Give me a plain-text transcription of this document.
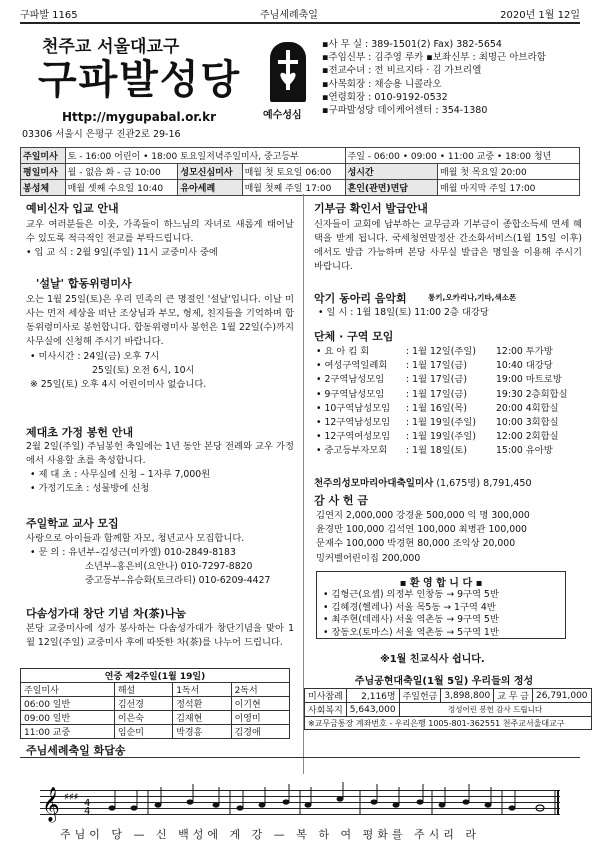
구파발 1165	주님세례축일	2020년 1월 12일
천주교 서울대교구
구파발성당
Http://mygupabal.or.kr
03306 서울시 은평구 진관2로 29-16
예수성심
▪사 무 실 : 389-1501(2) Fax) 382-5654
▪주임신부 : 김주영 루카 ▪보좌신부 : 최명근 아브라함
▪전교수녀 : 전 비르지타 · 김 가브리엘
▪사목회장 : 채승용 니콜라오
▪연령회장 : 010-9192-0532
▪구파발성당 데이케어센터 : 354-1380
주일미사	토 - 16:00 어린이 • 18:00 토요일저녁주일미사, 중고등부			주일 - 06:00 • 09:00 • 11:00 교중 • 18:00 청년	
평일미사	월 - 없음 화 - 금 10:00	성모신심미사	매월 첫 토요일 06:00	성시간	매월 첫 목요일 20:00
봉성체	매월 셋째 수요일 10:40	유아세례	매월 첫째 주일 17:00	혼인(관면)면담	매월 마지막 주일 17:00
예비신자 입교 안내
교우 여러분들은 이웃, 가족들이 하느님의 자녀로 새롭게 태어날 수 있도록 적극적인 전교를 부탁드립니다.
• 입 교 식 : 2월 9일(주일) 11시 교중미사 중에
'설날' 합동위령미사
오는 1월 25일(토)은 우리 민족의 큰 명절인 '설날'입니다. 이날 미사는 먼저 세상을 떠난 조상님과 부모, 형제, 친지들을 기억하며 합동위령미사로 봉헌합니다. 합동위령미사 봉헌은 1월 22일(수)까지 사무실에 신청해 주시기 바랍니다.
• 미사시간 : 24일(금) 오후 7시
25일(토) 오전 6시, 10시
※ 25일(토) 오후 4시 어린이미사 없습니다.
제대초 가정 봉헌 안내
2월 2일(주일) 주님봉헌 축일에는 1년 동안 본당 전례와 교우 가정에서 사용할 초를 축성합니다.
• 제 대 초 : 사무실에 신청 – 1자루 7,000원
• 가정기도초 : 성물방에 신청
주일학교 교사 모집
사랑으로 아이들과 함께할 자모, 청년교사 모집합니다.
• 문 의 : 유년부–김성근(미카엘) 010-2849-8183
소년부–홍은비(요안나) 010-7297-8820
중고등부–유승화(토크라티) 010-6209-4427
다솜성가대 창단 기념 차(茶)나눔
본당 교중미사에 성가 봉사하는 다솜성가대가 창단기념을 맞아 1월 12일(주일) 교중미사 후에 따뜻한 차(茶)를 나누어 드립니다.
기부금 확인서 발급안내
신자들이 교회에 납부하는 교무금과 기부금이 종합소득세 면세 혜택을 받게 됩니다. 국세청연말정산 간소화서비스(1월 15일 이후)에서도 발급 가능하며 본당 사무실 발급은 명일을 이용해 주시기 바랍니다.
악기 동아리 음악회	통키,오카리나,기타,색소폰
• 일 시 : 1월 18일(토) 11:00 2층 대강당
단체 · 구역 모임
• 요 아 킴 회	: 1월 12일(주일) 12:00 투가방
• 여성구역일례회 : 1월 17일(금)	10:40 대강당
• 2구역남성모임 : 1월 17일(금)	19:00 마트로방
• 9구역남성모임 : 1월 17일(금)	19:30 2층회합실
• 10구역남성모임 : 1월 16일(목)	20:00 4회합실
• 12구역남성모임 : 1월 19일(주일) 10:00 3회합실
• 12구역여성모임 : 1월 19일(주일) 12:00 2회합실
• 중고등부자모회 : 1월 18일(토)	15:00 유아방
천주의성모마리아대축일미사 (1,675명) 8,791,450
감 사 헌 금
김연지 2,000,000 강경윤 500,000 익 명 300,000
윤경만 100,000 김석연 100,000 최병관 100,000
문재수 100,000 박경현 80,000 조익상 20,000
밍커벨어린이집 200,000
▪ 환 영 합 니 다 ▪
• 김형근(요셉) 의정부 인창동 → 9구역 5반
• 김혜경(헬레나) 서울 목5동 → 1구역 4반
• 최주현(데레사) 서울 역촌동 → 9구역 5반
• 장동오(토마스) 서울 역촌동 → 5구역 1반
※1월 친교식사 쉽니다.
연중 제2주일(1월 19일)			
주일미사	해설	1독서	2독서
06:00 일반	김선경	정석환	이기현
09:00 일반	이은숙	김재현	이영미
11:00 교중	임순미	박경흥	김경애
주님공현대축일(1월 5일) 우리들의 정성
미사참례	2,116명	주일헌금	3,898,800	교 무 금	26,791,000
사회복지	5,643,000	정성어린 봉헌 감사 드립니다			
※교무금통장 계좌번호 - 우리은행 1005-801-362551 천주교서울대교구					
주님세례축일 화답송
𝄞 ♯♯♯
4
4
주님이 당 — 신 백성에 게 강 — 복 하 여 평화를 주시리 라
